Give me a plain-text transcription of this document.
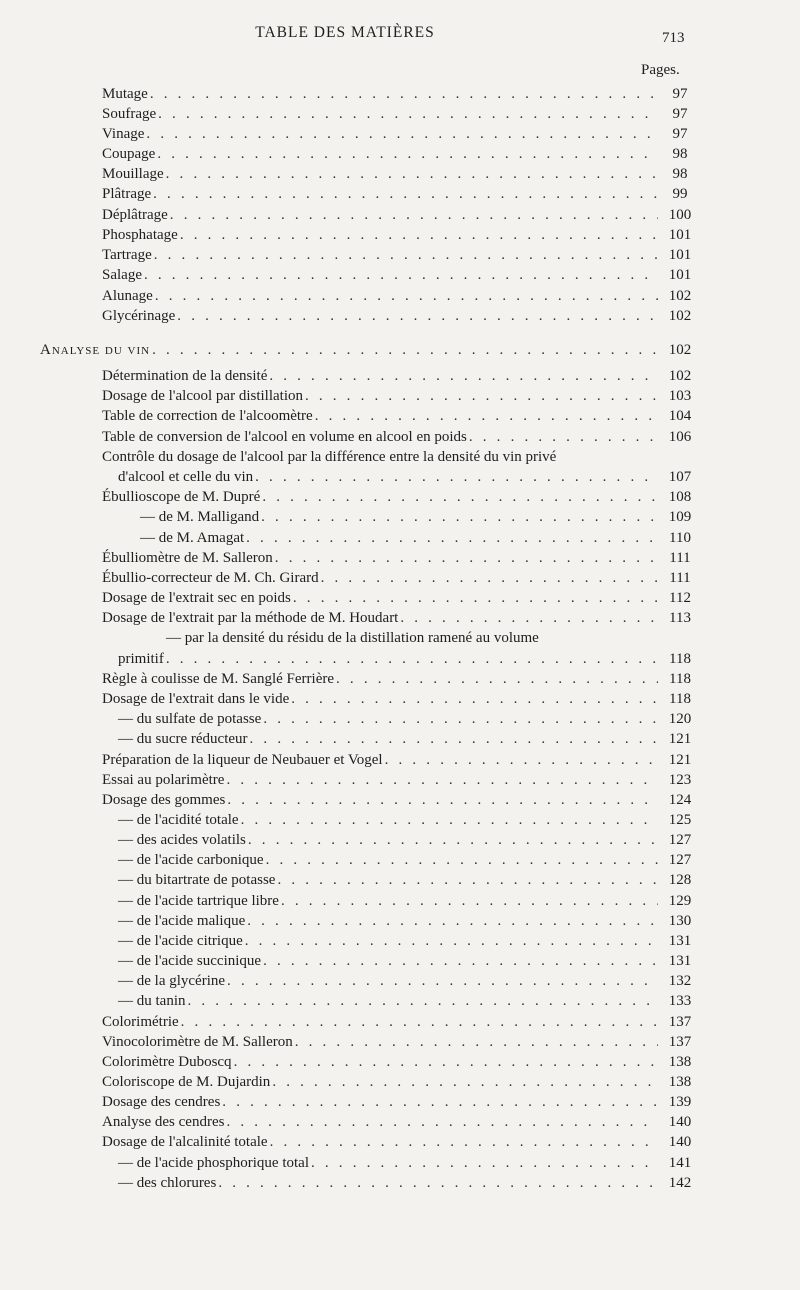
TABLE DES MATIÈRES	713
Pages.
Mutage . . .	97
Soufrage . . .	97
Vinage . . .	97
Coupage . . .	98
Mouillage . . .	98
Plâtrage . . .	99
Déplâtrage . . .	100
Phosphatage . . .	101
Tartrage . . .	101
Salage . . .	101
Alunage . . .	102
Glycérinage . . .	102
Analyse du vin . . .	102
Détermination de la densité . . .	102
Dosage de l'alcool par distillation . . .	103
Table de correction de l'alcoomètre . . .	104
Table de conversion de l'alcool en volume en alcool en poids . . .	106
Contrôle du dosage de l'alcool par la différence entre la densité du vin privé
d'alcool et celle du vin . . .	107
Ébullioscope de M. Dupré . . .	108
— de M. Malligand . . .	109
— de M. Amagat . . .	110
Ébulliomètre de M. Salleron . . .	111
Ébullio-correcteur de M. Ch. Girard . . .	111
Dosage de l'extrait sec en poids . . .	112
Dosage de l'extrait par la méthode de M. Houdart . . .	113
— par la densité du résidu de la distillation ramené au volume
primitif . . .	118
Règle à coulisse de M. Sanglé Ferrière . . .	118
Dosage de l'extrait dans le vide . . .	118
— du sulfate de potasse . . .	120
— du sucre réducteur . . .	121
Préparation de la liqueur de Neubauer et Vogel . . .	121
Essai au polarimètre . . .	123
Dosage des gommes . . .	124
— de l'acidité totale . . .	125
— des acides volatils . . .	127
— de l'acide carbonique . . .	127
— du bitartrate de potasse . . .	128
— de l'acide tartrique libre . . .	129
— de l'acide malique . . .	130
— de l'acide citrique . . .	131
— de l'acide succinique . . .	131
— de la glycérine . . .	132
— du tanin . . .	133
Colorimétrie . . .	137
Vinocolorimètre de M. Salleron . . .	137
Colorimètre Duboscq . . .	138
Coloriscope de M. Dujardin . . .	138
Dosage des cendres . . .	139
Analyse des cendres . . .	140
Dosage de l'alcalinité totale . . .	140
— de l'acide phosphorique total . . .	141
— des chlorures . . .	142
